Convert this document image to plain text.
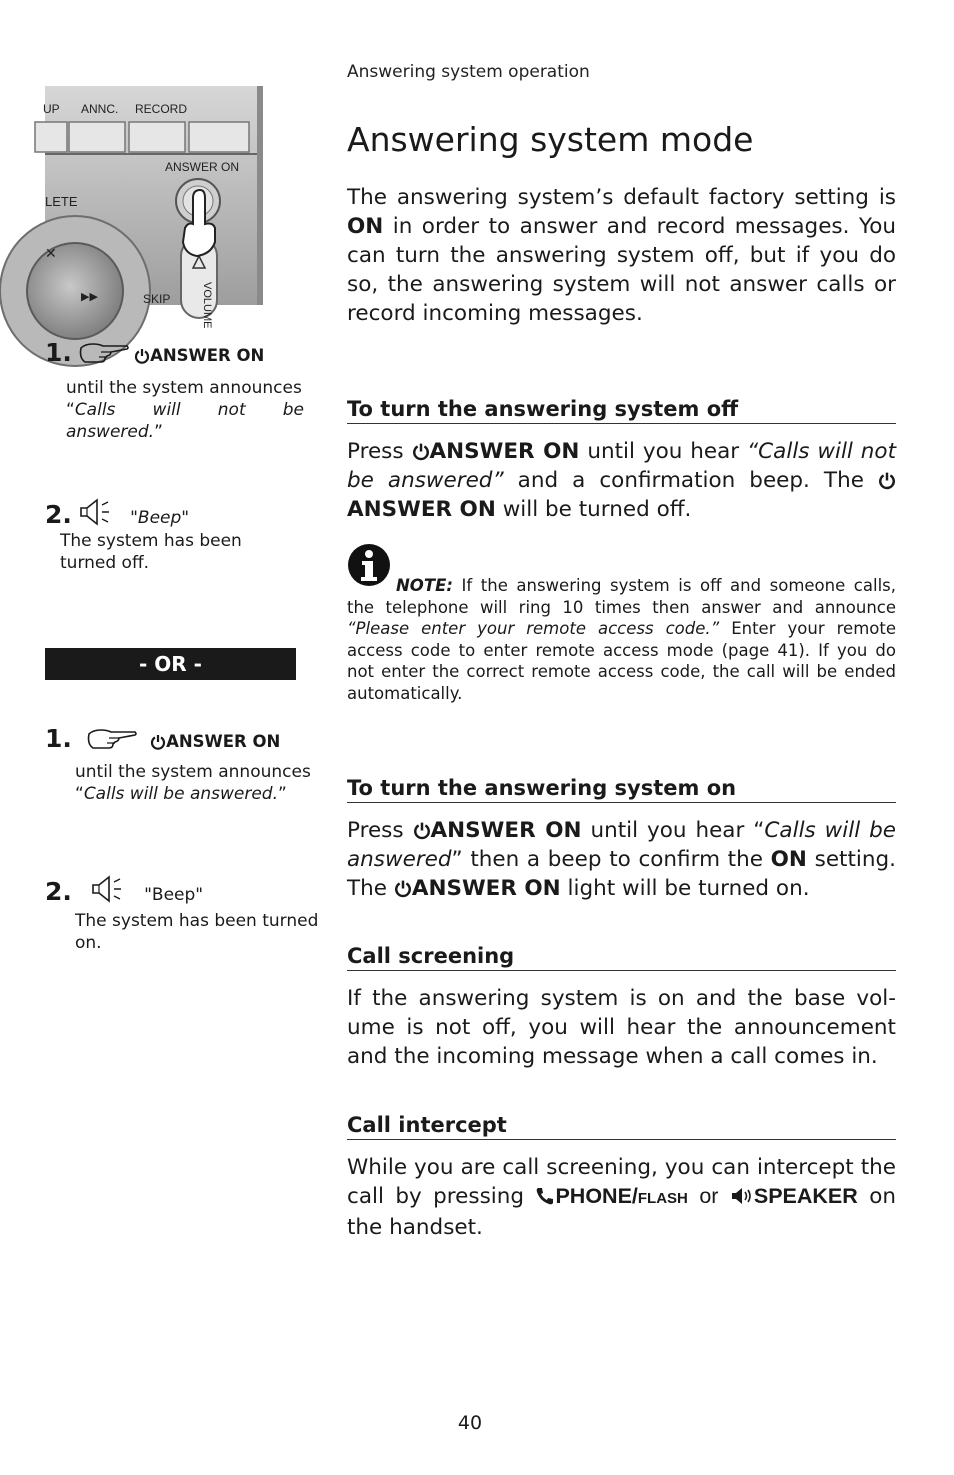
Answering system operation
UP ANNC. RECORD
ANSWER ON
LETE
SKIP	VOLUME
✕
▶▶
Answering system mode

The answering system’s default factory setting is ON in order to answer and record messages. You can turn the answering system off, but if you do so, the answering system will not answer calls or record incoming messages.

1.	ANSWER ON
until the system announces
“Calls will not be answered.”
2.	"Beep"
The system has been turned off.
- OR -
1.	ANSWER ON
until the system announces
“Calls will be answered.”
2.	"Beep"
The system has been turned on.
To turn the answering system off

Press ANSWER ON until you hear “Calls will not be answered” and a confirmation beep. The ANSWER ON will be turned off.

NOTE: If the answering system is off and someone calls, the telephone will ring 10 times then answer and announce “Please enter your remote access code.” Enter your remote access code to enter remote access mode (page 41). If you do not enter the correct remote access code, the call will be ended automatically.

To turn the answering system on

Press ANSWER ON until you hear “Calls will be answered” then a beep to confirm the ON setting. The ANSWER ON light will be turned on.

Call screening

If the answering system is on and the base vol-ume is not off, you will hear the announcement and the incoming message when a call comes in.

Call intercept

While you are call screening, you can intercept the call by pressing PHONE/FLASH or SPEAKER on the handset.

40
